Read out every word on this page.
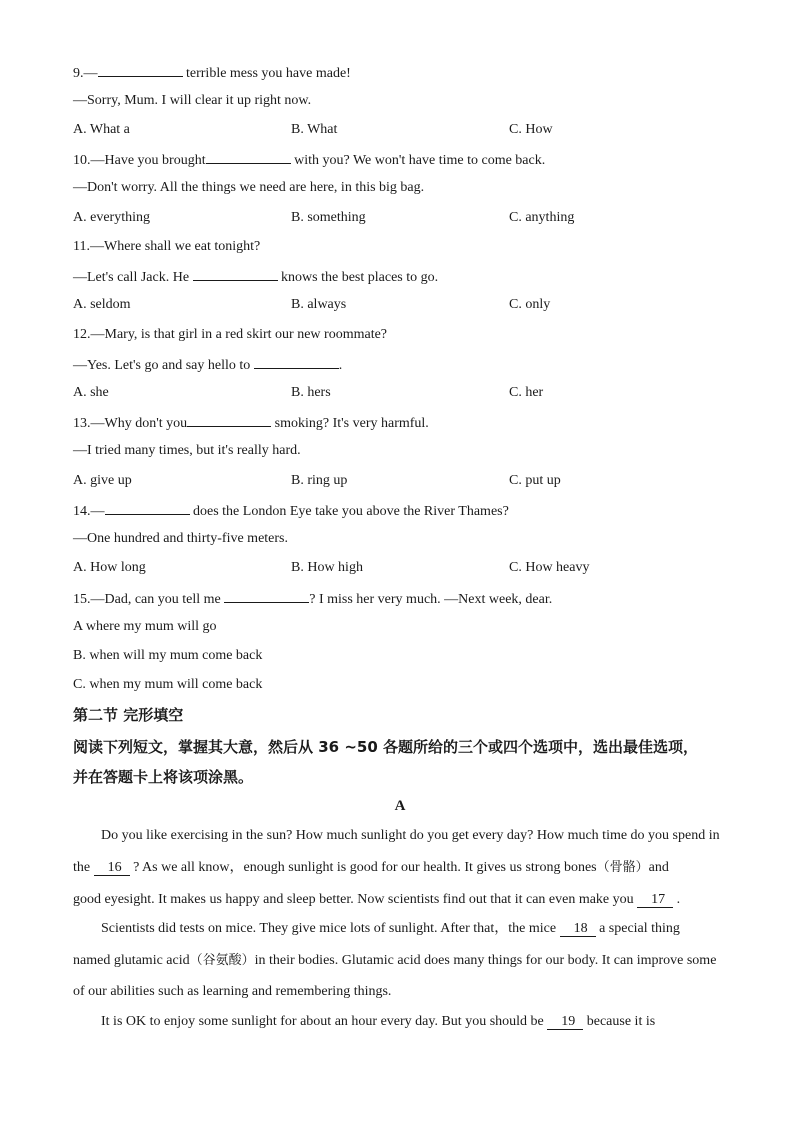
9.—	terrible mess you have made!
—Sorry, Mum. I will clear it up right now.
A. What a	B. What	C. How
10.—Have you brought	with you? We won't have time to come back.
—Don't worry. All the things we need are here, in this big bag.
A. everything	B. something	C. anything
11.—Where shall we eat tonight?
—Let's call Jack. He	knows the best places to go.
A. seldom	B. always	C. only
12.—Mary, is that girl in a red skirt our new roommate?
—Yes. Let's go and say hello to	.
A. she	B. hers	C. her
13.—Why don't you	smoking? It's very harmful.
—I tried many times, but it's really hard.
A. give up	B. ring up	C. put up
14.—	does the London Eye take you above the River Thames?
—One hundred and thirty-five meters.
A. How long	B. How high	C. How heavy
15.—Dad, can you tell me	? I miss her very much. —Next week, dear.
A where my mum will go
B. when will my mum come back
C. when my mum will come back
第二节 完形填空
阅读下列短文，掌握其大意，然后从 36 ~50 各题所给的三个或四个选项中，选出最佳选项，
并在答题卡上将该项涂黑。
A
Do you like exercising in the sun? How much sunlight do you get every day? How much time do you spend in
the 16 ? As we all know，enough sunlight is good for our health. It gives us strong bones（骨骼）and
good eyesight. It makes us happy and sleep better. Now scientists find out that it can even make you 17 .
Scientists did tests on mice. They give mice lots of sunlight. After that，the mice 18 a special thing
named glutamic acid（谷氨酸）in their bodies. Glutamic acid does many things for our body. It can improve some
of our abilities such as learning and remembering things.
It is OK to enjoy some sunlight for about an hour every day. But you should be 19 because it is
